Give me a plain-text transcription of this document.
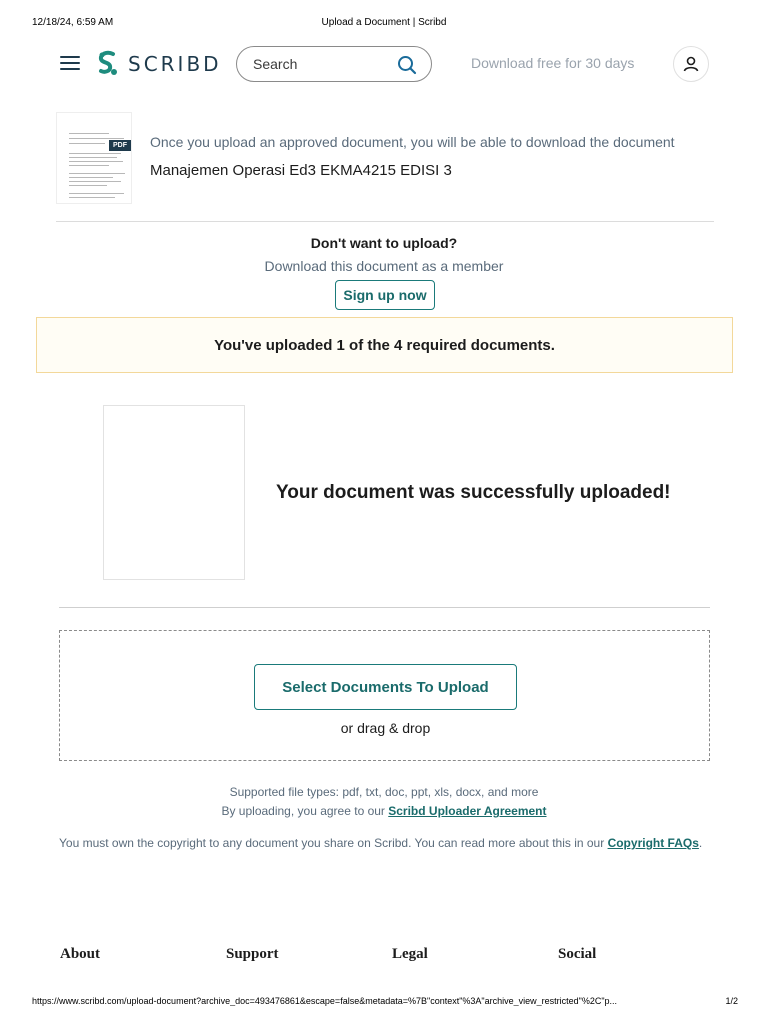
12/18/24, 6:59 AM	Upload a Document | Scribd
SCRIBD
Search	Download free for 30 days
PDF Once you upload an approved document, you will be able to download the document
Manajemen Operasi Ed3 EKMA4215 EDISI 3
Don't want to upload?
Download this document as a member
Sign up now
You've uploaded 1 of the 4 required documents.
Your document was successfully uploaded!
Select Documents To Upload
or drag & drop
Supported file types: pdf, txt, doc, ppt, xls, docx, and more
By uploading, you agree to our Scribd Uploader Agreement
You must own the copyright to any document you share on Scribd. You can read more about this in our Copyright FAQs.
About	Support	Legal	Social
https://www.scribd.com/upload-document?archive_doc=493476861&escape=false&metadata=%7B"context"%3A"archive_view_restricted"%2C"p...	1/2
